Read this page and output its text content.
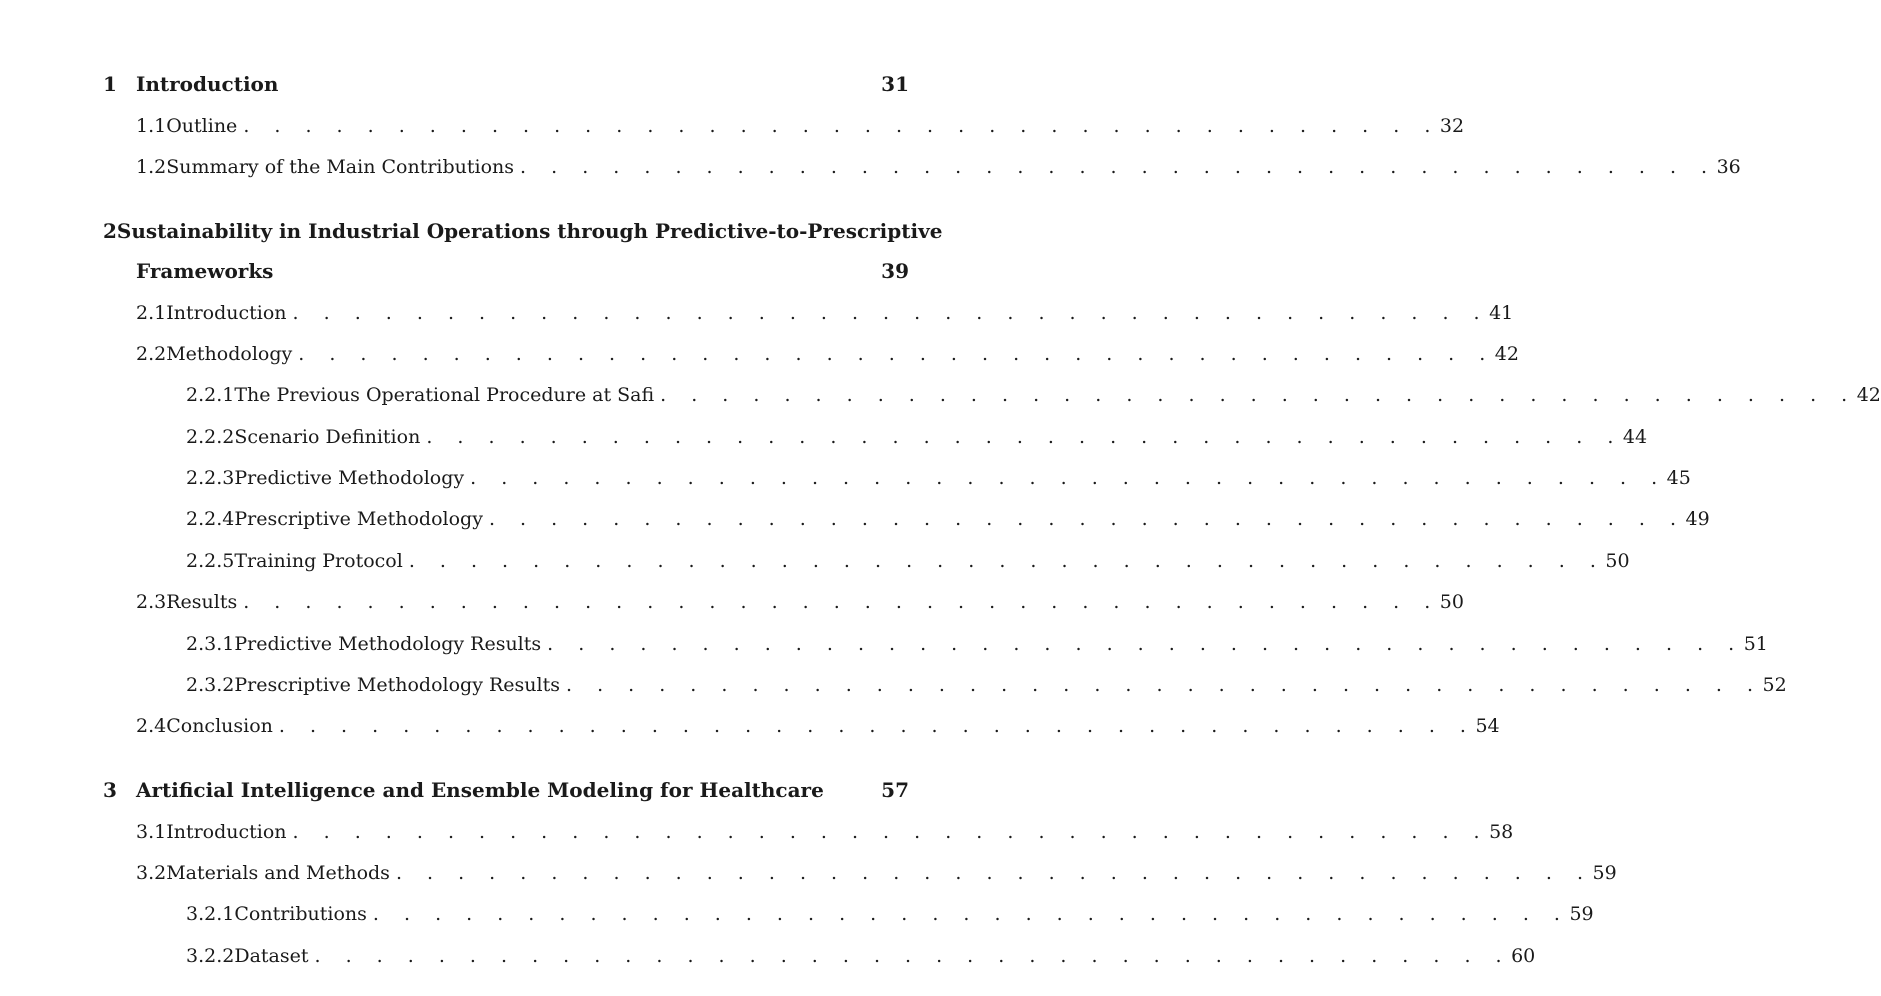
1 Introduction	31
1.1 Outline . . . . . . . . . . . . . . . . . . . . . . . . . . . . . . . . . . . . . . . 32
1.2 Summary of the Main Contributions . . . . . . . . . . . . . . . . . . . . . . . . . . . . . . . . . . . . . . . 36
2 Sustainability in Industrial Operations through Predictive-to-Prescriptive
Frameworks	39
2.1 Introduction . . . . . . . . . . . . . . . . . . . . . . . . . . . . . . . . . . . . . . . 41
2.2 Methodology . . . . . . . . . . . . . . . . . . . . . . . . . . . . . . . . . . . . . . . 42
2.2.1 The Previous Operational Procedure at Safi . . . . . . . . . . . . . . . . . . . . . . . . . . . . . . . . . . . . . . . 42
2.2.2 Scenario Definition . . . . . . . . . . . . . . . . . . . . . . . . . . . . . . . . . . . . . . . 44
2.2.3 Predictive Methodology . . . . . . . . . . . . . . . . . . . . . . . . . . . . . . . . . . . . . . . 45
2.2.4 Prescriptive Methodology . . . . . . . . . . . . . . . . . . . . . . . . . . . . . . . . . . . . . . . 49
2.2.5 Training Protocol . . . . . . . . . . . . . . . . . . . . . . . . . . . . . . . . . . . . . . . 50
2.3 Results . . . . . . . . . . . . . . . . . . . . . . . . . . . . . . . . . . . . . . . 50
2.3.1 Predictive Methodology Results . . . . . . . . . . . . . . . . . . . . . . . . . . . . . . . . . . . . . . . 51
2.3.2 Prescriptive Methodology Results . . . . . . . . . . . . . . . . . . . . . . . . . . . . . . . . . . . . . . . 52
2.4 Conclusion . . . . . . . . . . . . . . . . . . . . . . . . . . . . . . . . . . . . . . . 54
3 Artificial Intelligence and Ensemble Modeling for Healthcare	57
3.1 Introduction . . . . . . . . . . . . . . . . . . . . . . . . . . . . . . . . . . . . . . . 58
3.2 Materials and Methods . . . . . . . . . . . . . . . . . . . . . . . . . . . . . . . . . . . . . . . 59
3.2.1 Contributions . . . . . . . . . . . . . . . . . . . . . . . . . . . . . . . . . . . . . . . 59
3.2.2 Dataset . . . . . . . . . . . . . . . . . . . . . . . . . . . . . . . . . . . . . . . 60
